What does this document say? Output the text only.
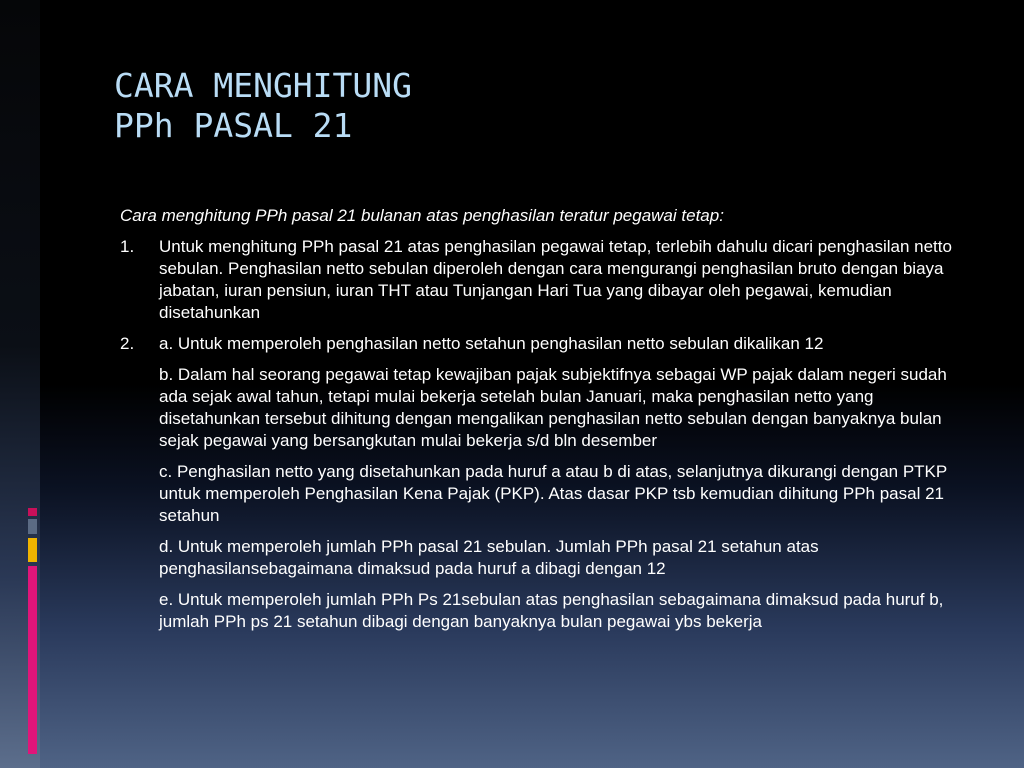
CARA MENGHITUNG
PPh PASAL 21

Cara menghitung PPh pasal 21 bulanan atas penghasilan teratur pegawai tetap:

1. Untuk menghitung PPh pasal 21 atas penghasilan pegawai tetap, terlebih dahulu dicari penghasilan netto sebulan. Penghasilan netto sebulan diperoleh dengan cara mengurangi penghasilan bruto dengan biaya jabatan, iuran pensiun, iuran THT atau Tunjangan Hari Tua yang dibayar oleh pegawai, kemudian disetahunkan

2. a. Untuk memperoleh penghasilan netto setahun penghasilan netto sebulan dikalikan 12

b. Dalam hal seorang pegawai tetap kewajiban pajak subjektifnya sebagai WP pajak dalam negeri sudah ada sejak awal tahun, tetapi mulai bekerja setelah bulan Januari, maka penghasilan netto yang disetahunkan tersebut dihitung dengan mengalikan penghasilan netto sebulan dengan banyaknya bulan sejak pegawai yang bersangkutan mulai bekerja s/d bln desember

c. Penghasilan netto yang disetahunkan pada huruf a atau b di atas, selanjutnya dikurangi dengan PTKP untuk memperoleh Penghasilan Kena Pajak (PKP). Atas dasar PKP tsb kemudian dihitung PPh pasal 21 setahun

d. Untuk memperoleh jumlah PPh pasal 21 sebulan. Jumlah PPh pasal 21 setahun atas penghasilansebagaimana dimaksud pada huruf a dibagi dengan 12

e. Untuk memperoleh jumlah PPh Ps 21sebulan atas penghasilan sebagaimana dimaksud pada huruf b, jumlah PPh ps 21 setahun dibagi dengan banyaknya bulan pegawai ybs bekerja
